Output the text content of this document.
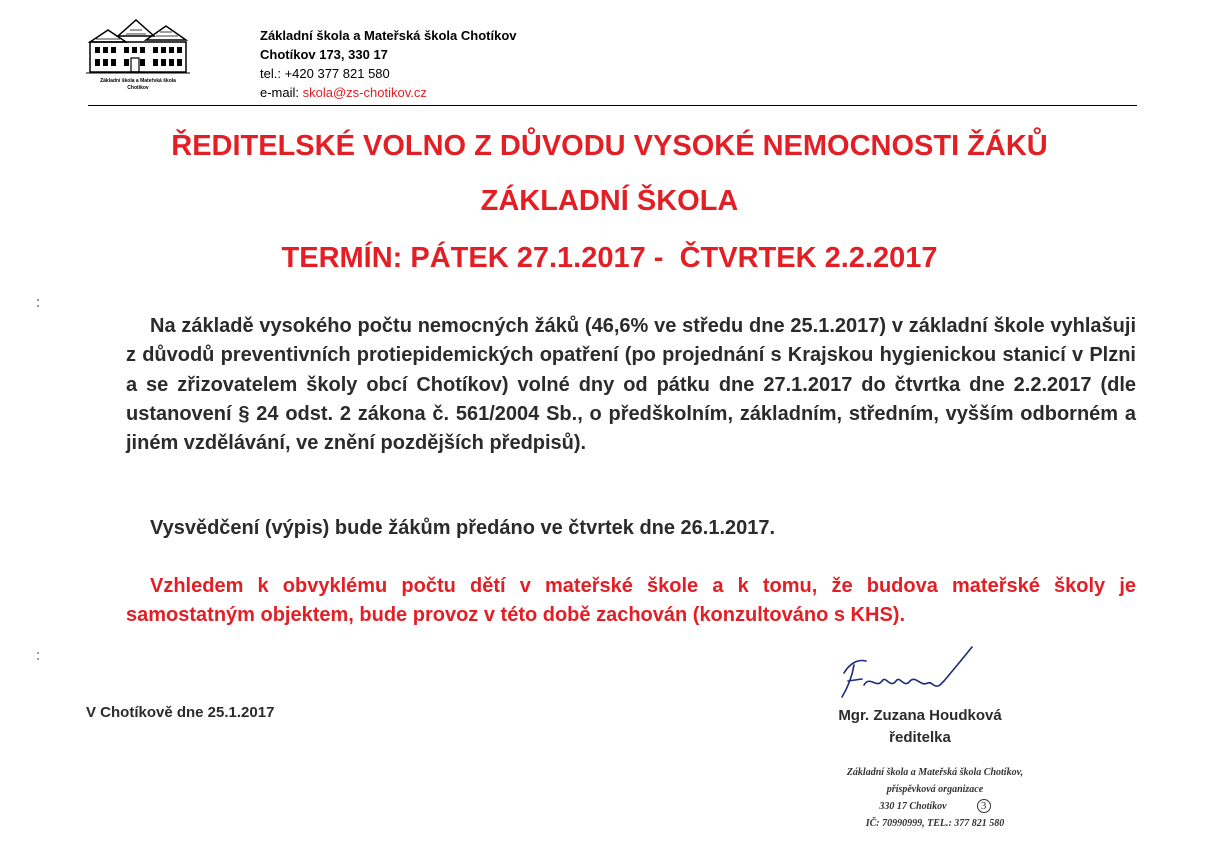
Základní škola a Mateřská škola
Chotíkov
Základní škola a Mateřská škola Chotíkov
Chotíkov 173, 330 17
tel.: +420 377 821 580
e-mail: skola@zs-chotikov.cz
ŘEDITELSKÉ VOLNO Z DŮVODU VYSOKÉ NEMOCNOSTI ŽÁKŮ
ZÁKLADNÍ ŠKOLA
TERMÍN: PÁTEK 27.1.2017 -  ČTVRTEK 2.2.2017
Na základě vysokého počtu nemocných žáků (46,6% ve středu dne 25.1.2017) v základní škole vyhlašuji z důvodů preventivních protiepidemických opatření (po projednání s Krajskou hygienickou stanicí v Plzni a se zřizovatelem školy obcí Chotíkov) volné dny od pátku dne 27.1.2017 do čtvrtka dne 2.2.2017 (dle ustanovení § 24 odst. 2 zákona č. 561/2004 Sb., o předškolním, základním, středním, vyšším odborném a jiném vzdělávání, ve znění pozdějších předpisů).
Vysvědčení (výpis) bude žákům předáno ve čtvrtek dne 26.1.2017.
Vzhledem k obvyklému počtu dětí v mateřské škole a k tomu, že budova mateřské školy je samostatným objektem, bude provoz v této době zachován (konzultováno s KHS).
V Chotíkově dne 25.1.2017	Mgr. Zuzana Houdková
ředitelka
Základní škola a Mateřská škola Chotíkov,
příspěvková organizace
330 17 Chotíkov	3
IČ: 70990999, TEL.: 377 821 580
